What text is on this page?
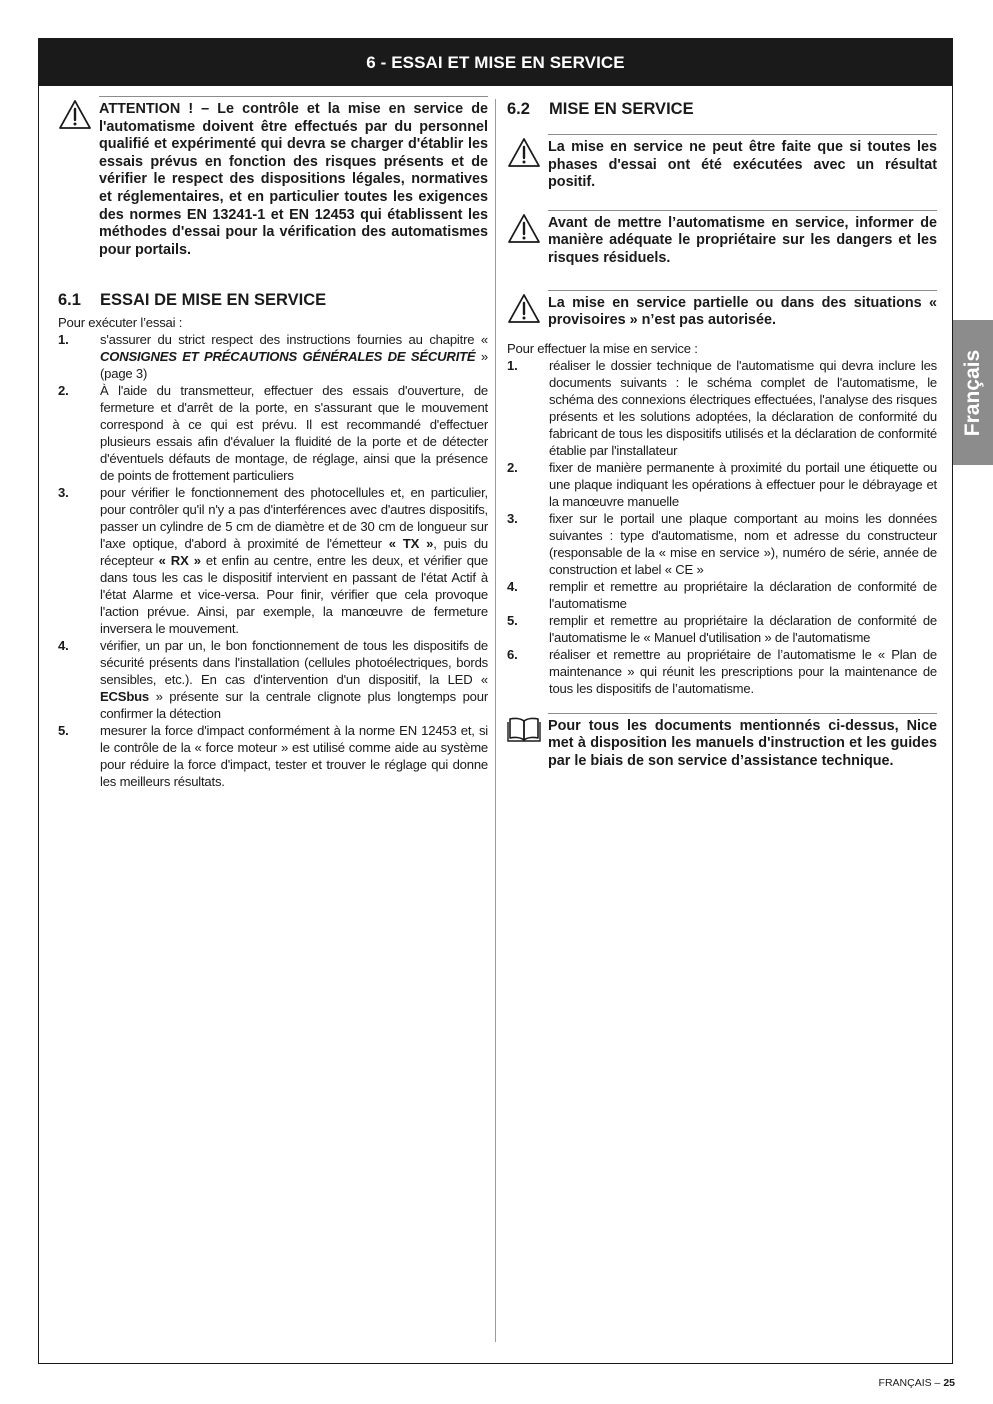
6 - ESSAI ET MISE EN SERVICE
ATTENTION ! – Le contrôle et la mise en service de l'automatisme doivent être effectués par du personnel qualifié et expérimenté qui devra se charger d'établir les essais prévus en fonction des risques présents et de vérifier le respect des dispositions légales, normatives et réglementaires, et en particulier toutes les exigences des normes EN 13241-1 et EN 12453 qui établissent les méthodes d'essai pour la vérification des automatismes pour portails.
6.1	ESSAI DE MISE EN SERVICE
Pour exécuter l’essai :
1. s'assurer du strict respect des instructions fournies au chapitre « CONSIGNES ET PRÉCAUTIONS GÉNÉRALES DE SÉCURITÉ » (page 3)
2. À l'aide du transmetteur, effectuer des essais d'ouverture, de fermeture et d'arrêt de la porte, en s'assurant que le mouvement correspond à ce qui est prévu. Il est recommandé d'effectuer plusieurs essais afin d'évaluer la fluidité de la porte et de détecter d'éventuels défauts de montage, de réglage, ainsi que la présence de points de frottement particuliers
3. pour vérifier le fonctionnement des photocellules et, en particulier, pour contrôler qu'il n'y a pas d'interférences avec d'autres dispositifs, passer un cylindre de 5 cm de diamètre et de 30 cm de longueur sur l'axe optique, d'abord à proximité de l'émetteur « TX », puis du récepteur « RX » et enfin au centre, entre les deux, et vérifier que dans tous les cas le dispositif intervient en passant de l'état Actif à l'état Alarme et vice-versa. Pour finir, vérifier que cela provoque l'action prévue. Ainsi, par exemple, la manœuvre de fermeture inversera le mouvement.
4. vérifier, un par un, le bon fonctionnement de tous les dispositifs de sécurité présents dans l'installation (cellules photoélectriques, bords sensibles, etc.). En cas d'intervention d'un dispositif, la LED « ECSbus » présente sur la centrale clignote plus longtemps pour confirmer la détection
5. mesurer la force d'impact conformément à la norme EN 12453 et, si le contrôle de la « force moteur » est utilisé comme aide au système pour réduire la force d'impact, tester et trouver le réglage qui donne les meilleurs résultats.
6.2	MISE EN SERVICE
La mise en service ne peut être faite que si toutes les phases d'essai ont été exécutées avec un résultat positif.
Avant de mettre l’automatisme en service, informer de manière adéquate le propriétaire sur les dangers et les risques résiduels.
La mise en service partielle ou dans des situations « provisoires » n’est pas autorisée.
Pour effectuer la mise en service :
1. réaliser le dossier technique de l'automatisme qui devra inclure les documents suivants : le schéma complet de l'automatisme, le schéma des connexions électriques effectuées, l'analyse des risques présents et les solutions adoptées, la déclaration de conformité du fabricant de tous les dispositifs utilisés et la déclaration de conformité établie par l'installateur
2. fixer de manière permanente à proximité du portail une étiquette ou une plaque indiquant les opérations à effectuer pour le débrayage et la manœuvre manuelle
3. fixer sur le portail une plaque comportant au moins les données suivantes : type d'automatisme, nom et adresse du constructeur (responsable de la « mise en service »), numéro de série, année de construction et label « CE »
4. remplir et remettre au propriétaire la déclaration de conformité de l'automatisme
5. remplir et remettre au propriétaire la déclaration de conformité de l'automatisme le « Manuel d'utilisation » de l'automatisme
6. réaliser et remettre au propriétaire de l’automatisme le « Plan de maintenance » qui réunit les prescriptions pour la maintenance de tous les dispositifs de l’automatisme.
Pour tous les documents mentionnés ci-dessus, Nice met à disposition les manuels d'instruction et les guides par le biais de son service d’assistance technique.
Français
FRANÇAIS – 25
